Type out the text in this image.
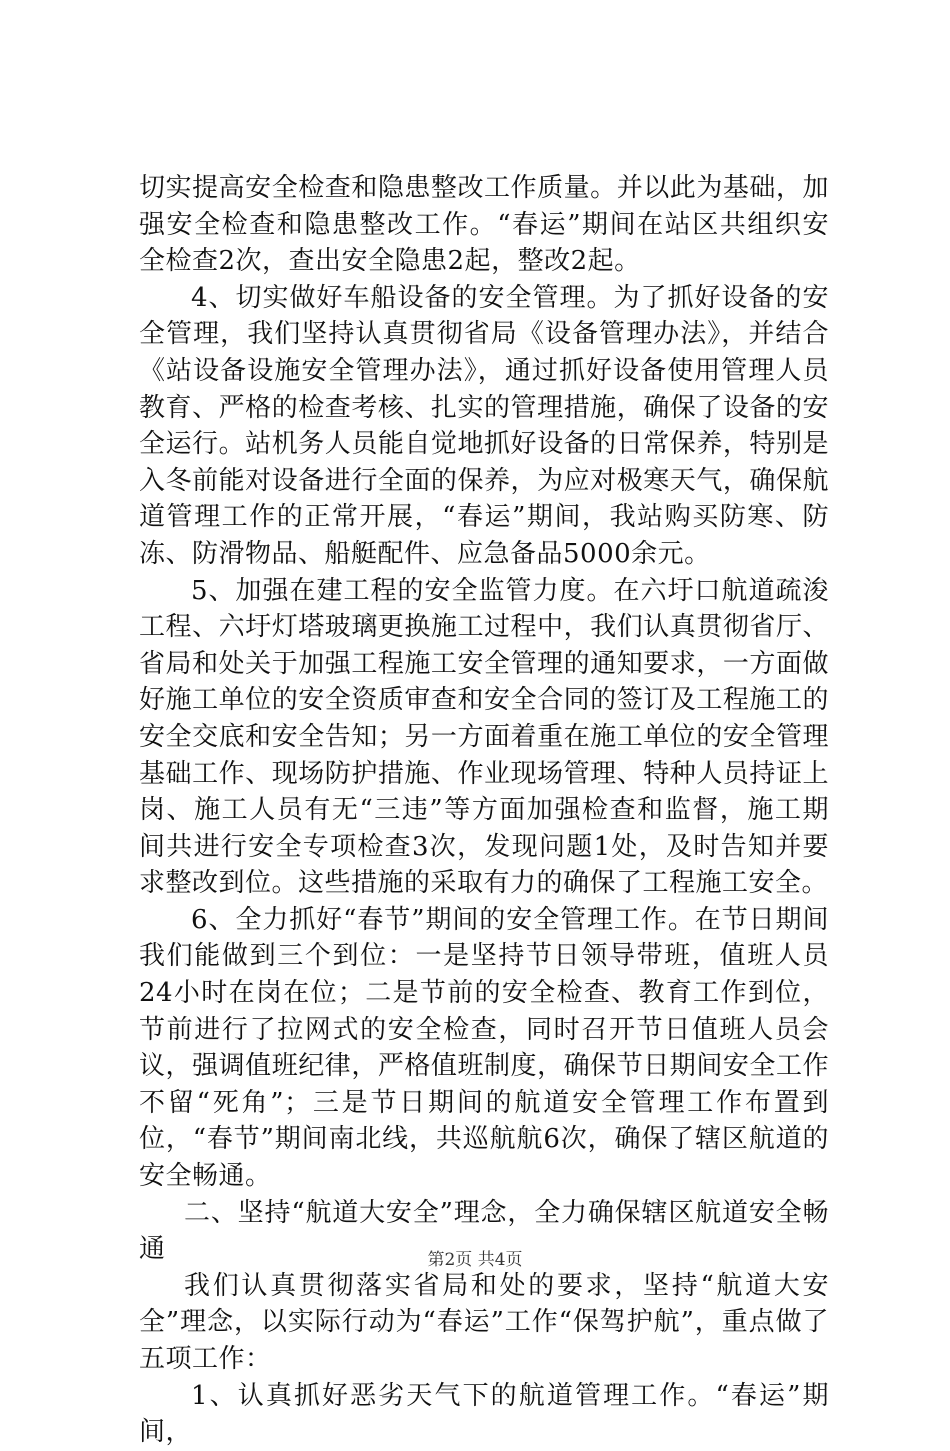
切实提高安全检查和隐患整改工作质量。并以此为基础，加强安全检查和隐患整改工作。“春运”期间在站区共组织安全检查2次，查出安全隐患2起，整改2起。

4、切实做好车船设备的安全管理。为了抓好设备的安全管理，我们坚持认真贯彻省局《设备管理办法》，并结合《站设备设施安全管理办法》，通过抓好设备使用管理人员教育、严格的检查考核、扎实的管理措施，确保了设备的安全运行。站机务人员能自觉地抓好设备的日常保养，特别是入冬前能对设备进行全面的保养，为应对极寒天气，确保航道管理工作的正常开展，“春运”期间，我站购买防寒、防冻、防滑物品、船艇配件、应急备品5000余元。

5、加强在建工程的安全监管力度。在六圩口航道疏浚工程、六圩灯塔玻璃更换施工过程中，我们认真贯彻省厅、省局和处关于加强工程施工安全管理的通知要求，一方面做好施工单位的安全资质审查和安全合同的签订及工程施工的安全交底和安全告知；另一方面着重在施工单位的安全管理基础工作、现场防护措施、作业现场管理、特种人员持证上岗、施工人员有无“三违”等方面加强检查和监督，施工期间共进行安全专项检查3次，发现问题1处，及时告知并要求整改到位。这些措施的采取有力的确保了工程施工安全。

6、全力抓好“春节”期间的安全管理工作。在节日期间我们能做到三个到位：一是坚持节日领导带班，值班人员24小时在岗在位；二是节前的安全检查、教育工作到位，节前进行了拉网式的安全检查，同时召开节日值班人员会议，强调值班纪律，严格值班制度，确保节日期间安全工作不留“死角”；三是节日期间的航道安全管理工作布置到位，“春节”期间南北线，共巡航航6次，确保了辖区航道的安全畅通。

二、坚持“航道大安全”理念，全力确保辖区航道安全畅通

我们认真贯彻落实省局和处的要求，坚持“航道大安全”理念，以实际行动为“春运”工作“保驾护航”，重点做了五项工作：

1、认真抓好恶劣天气下的航道管理工作。“春运”期间，

第2页 共4页
